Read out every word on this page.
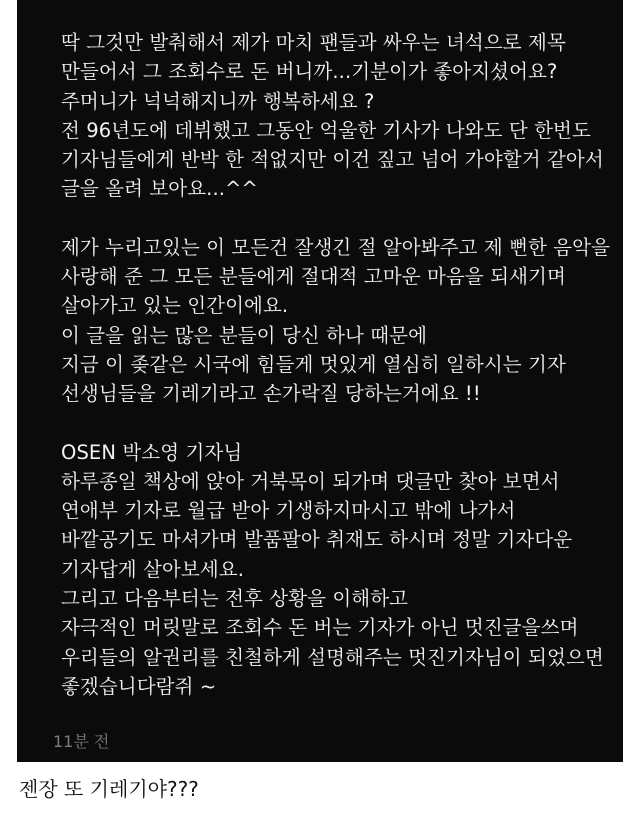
딱 그것만 발춰해서 제가 마치 팬들과 싸우는 녀석으로 제목
만들어서 그 조회수로 돈 버니까...기분이가 좋아지셨어요?
주머니가 넉넉해지니까 행복하세요 ?
전 96년도에 데뷔했고 그동안 억울한 기사가 나와도 단 한번도
기자님들에게 반박 한 적없지만 이건 짚고 넘어 가야할거 같아서
글을 올려 보아요...^^

제가 누리고있는 이 모든건 잘생긴 절 알아봐주고 제 뻔한 음악을
사랑해 준 그 모든 분들에게 절대적 고마운 마음을 되새기며
살아가고 있는 인간이에요.
이 글을 읽는 많은 분들이 당신 하나 때문에
지금 이 좆같은 시국에 힘들게 멋있게 열심히 일하시는 기자
선생님들을 기레기라고 손가락질 당하는거에요 !!

OSEN 박소영 기자님
하루종일 책상에 앉아 거북목이 되가며 댓글만 찾아 보면서
연애부 기자로 월급 받아 기생하지마시고 밖에 나가서
바깥공기도 마셔가며 발품팔아 취재도 하시며 정말 기자다운
기자답게 살아보세요.
그리고 다음부터는 전후 상황을 이해하고
자극적인 머릿말로 조회수 돈 버는 기자가 아닌 멋진글을쓰며
우리들의 알권리를 친철하게 설명해주는 멋진기자님이 되었으면
좋겠습니다람쥐 ~

11분 전
젠장 또 기레기야???
